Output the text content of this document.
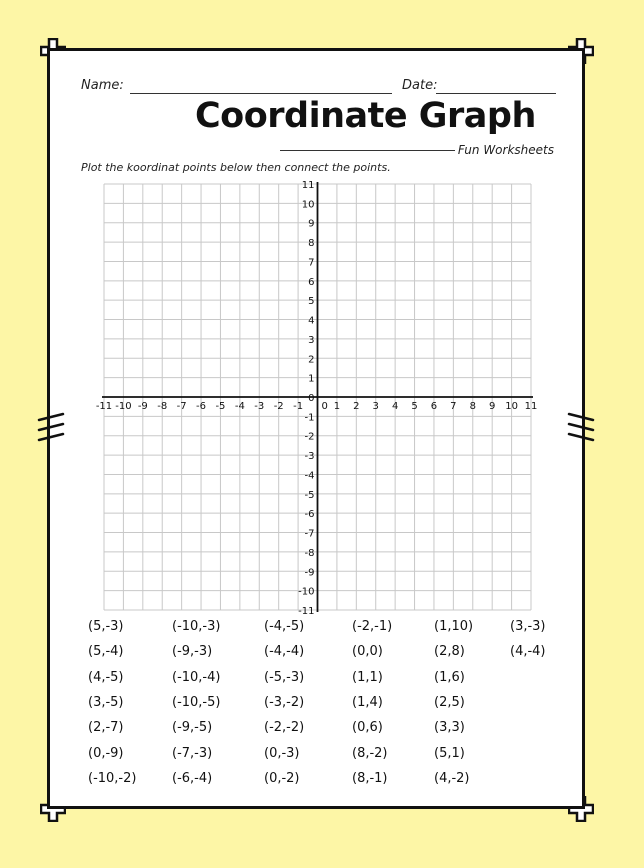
Name:	Date:
Coordinate Graph
Fun Worksheets
Plot the koordinat points below then connect the points.
-11 -10 -9 -8 -7 -6 -5 -4 -3 -2 -1 0 1 2 3 4 5 6 7 8 9 10 11
11
10
9
8
7
6
5
4
3
2
1
-1
-2
-3
-4
-5
-6
-7
-8
-9
-10
-11
0
(5,-3)
(5,-4)
(4,-5)
(3,-5)
(2,-7)
(0,-9)
(-10,-2)
(-10,-3)
(-9,-3)
(-10,-4)
(-10,-5)
(-9,-5)
(-7,-3)
(-6,-4)
(-4,-5)
(-4,-4)
(-5,-3)
(-3,-2)
(-2,-2)
(0,-3)
(0,-2)
(-2,-1)
(0,0)
(1,1)
(1,4)
(0,6)
(8,-2)
(8,-1)
(1,10)
(2,8)
(1,6)
(2,5)
(3,3)
(5,1)
(4,-2)
(3,-3)
(4,-4)
